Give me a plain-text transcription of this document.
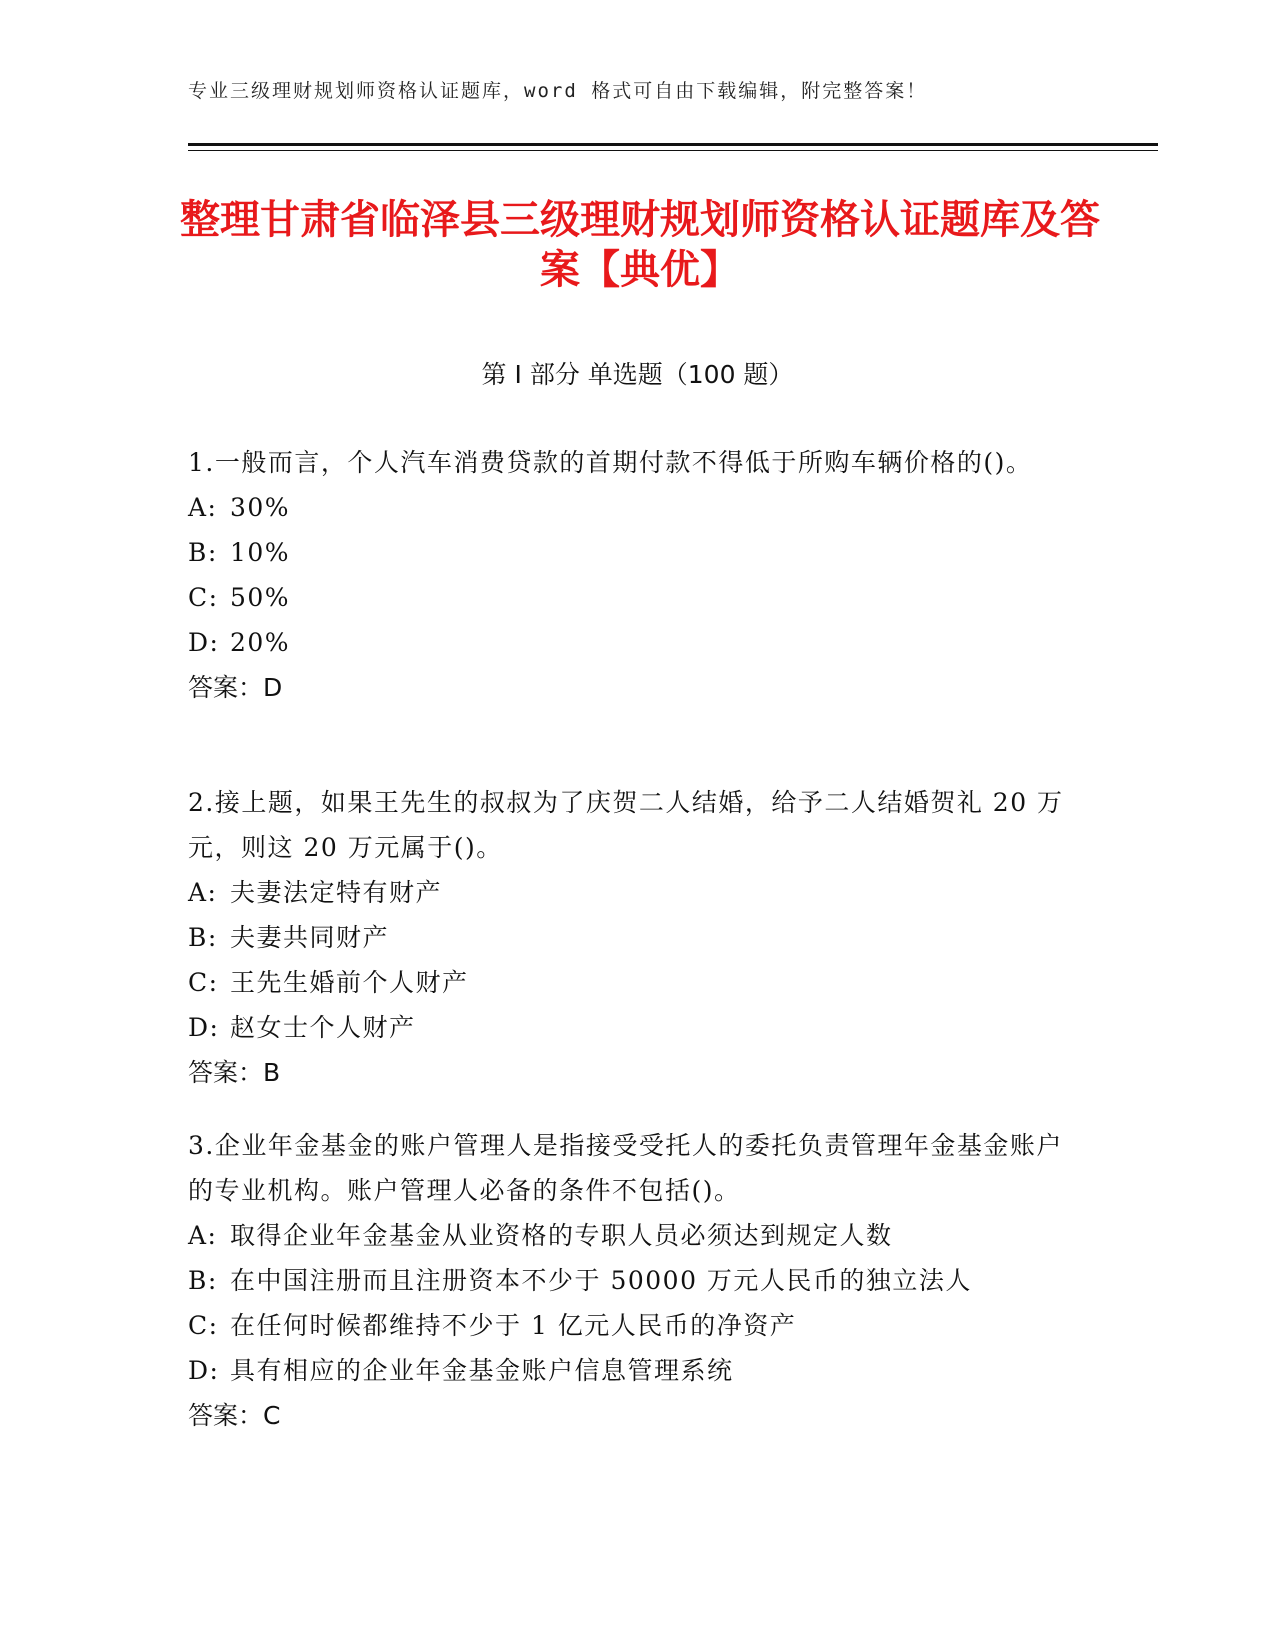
专业三级理财规划师资格认证题库，word 格式可自由下载编辑，附完整答案！
整理甘肃省临泽县三级理财规划师资格认证题库及答案【典优】
第 I 部分 单选题（100 题）

1.一般而言，个人汽车消费贷款的首期付款不得低于所购车辆价格的()。

A: 30%

B: 10%

C: 50%

D: 20%

答案：D

2.接上题，如果王先生的叔叔为了庆贺二人结婚，给予二人结婚贺礼 20 万元，则这 20 万元属于()。

A: 夫妻法定特有财产

B: 夫妻共同财产

C: 王先生婚前个人财产

D: 赵女士个人财产

答案：B

3.企业年金基金的账户管理人是指接受受托人的委托负责管理年金基金账户的专业机构。账户管理人必备的条件不包括()。

A: 取得企业年金基金从业资格的专职人员必须达到规定人数

B: 在中国注册而且注册资本不少于 50000 万元人民币的独立法人

C: 在任何时候都维持不少于 1 亿元人民币的净资产

D: 具有相应的企业年金基金账户信息管理系统

答案：C
